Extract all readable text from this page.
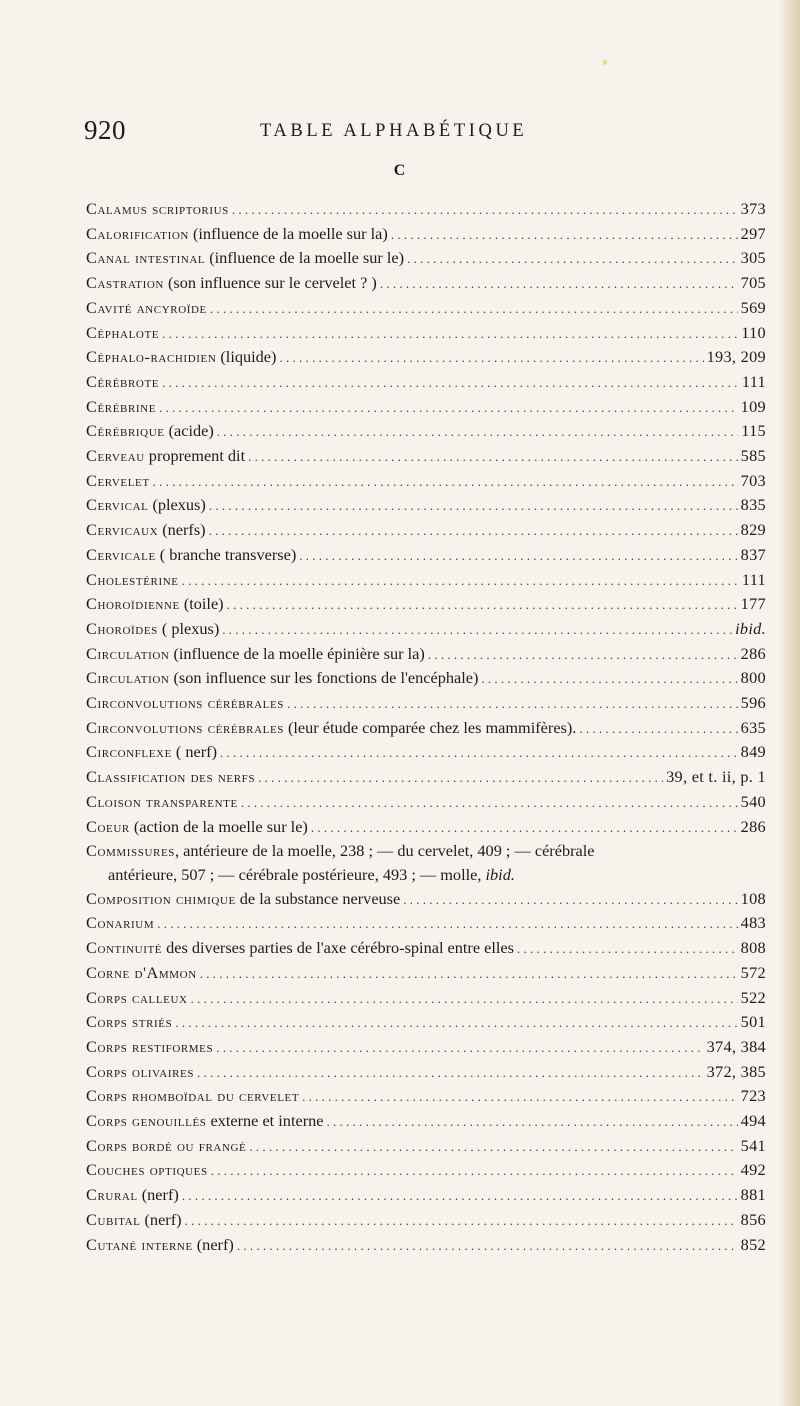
920	TABLE ALPHABÉTIQUE
C
Calamus scriptorius . . .	373
Calorification (influence de la moelle sur la) . . .	297
Canal intestinal (influence de la moelle sur le) . . .	305
Castration (son influence sur le cervelet ? ) . . .	705
Cavité ancyroïde . . .	569
Céphalote . . .	110
Céphalo-rachidien (liquide) . . .	193, 209
Cérébrote . . .	111
Cérébrine . . .	109
Cérébrique (acide) . . .	115
Cerveau proprement dit . . .	585
Cervelet . . .	703
Cervical (plexus) . . .	835
Cervicaux (nerfs) . . .	829
Cervicale ( branche transverse) . . .	837
Cholestérine . . .	111
Choroïdienne (toile) . . .	177
Choroïdes ( plexus) . . .	ibid.
Circulation (influence de la moelle épinière sur la) . . .	286
Circulation (son influence sur les fonctions de l'encéphale) . . .	800
Circonvolutions cérébrales . . .	596
Circonvolutions cérébrales (leur étude comparée chez les mammifères). . . .	635
Circonflexe ( nerf) . . .	849
Classification des nerfs . . .	39, et t. ii, p. 1
Cloison transparente . . .	540
Coeur (action de la moelle sur le) . . .	286
Commissures, antérieure de la moelle, 238 ; — du cervelet, 409 ; — cérébrale
antérieure, 507 ; — cérébrale postérieure, 493 ; — molle, ibid.
Composition chimique de la substance nerveuse . . .	108
Conarium . . .	483
Continuité des diverses parties de l'axe cérébro-spinal entre elles . . .	808
Corne d'Ammon . . .	572
Corps calleux . . .	522
Corps striés . . .	501
Corps restiformes . . .	374, 384
Corps olivaires . . .	372, 385
Corps rhomboïdal du cervelet . . .	723
Corps genouillés externe et interne . . .	494
Corps bordé ou frangé . . .	541
Couches optiques . . .	492
Crural (nerf) . . .	881
Cubital (nerf) . . .	856
Cutané interne (nerf) . . .	852
